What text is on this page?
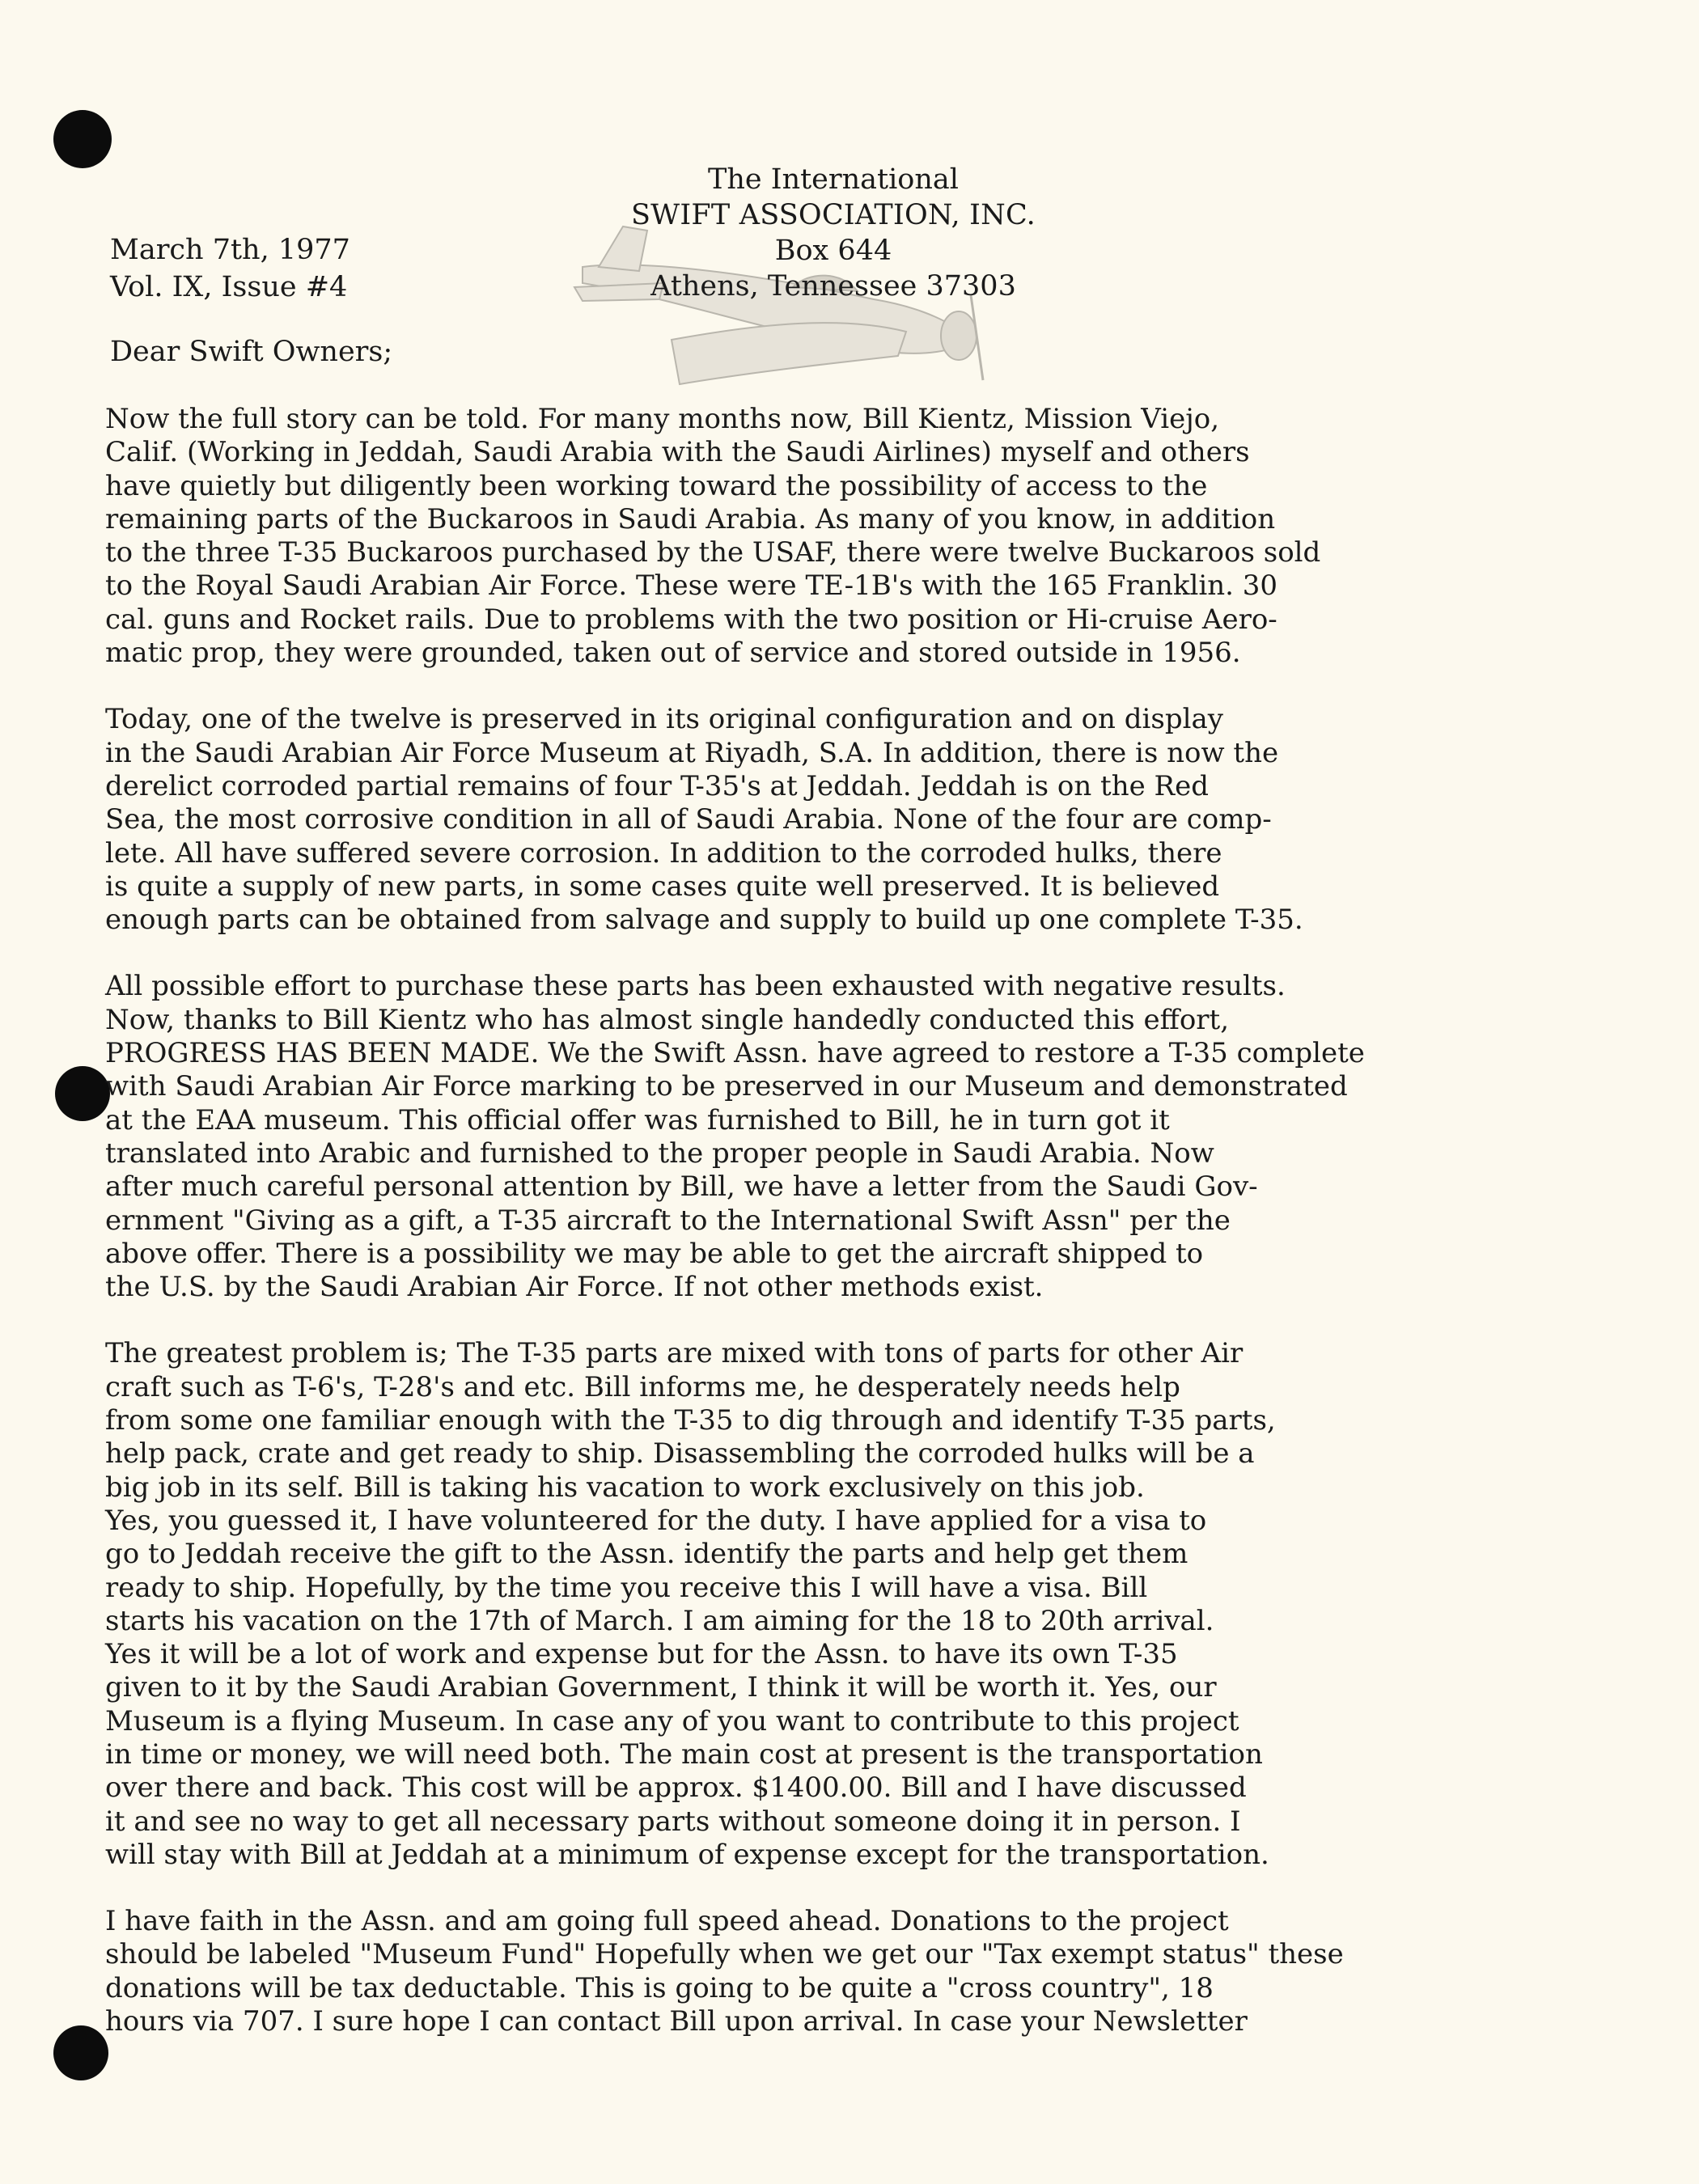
The International
SWIFT ASSOCIATION, INC.
Box 644
Athens, Tennessee 37303
March 7th, 1977
Vol. IX, Issue #4
Dear Swift Owners;
Now the full story can be told. For many months now, Bill Kientz, Mission Viejo,
Calif. (Working in Jeddah, Saudi Arabia with the Saudi Airlines) myself and others
have quietly but diligently been working toward the possibility of access to the
remaining parts of the Buckaroos in Saudi Arabia. As many of you know, in addition
to the three T-35 Buckaroos purchased by the USAF, there were twelve Buckaroos sold
to the Royal Saudi Arabian Air Force. These were TE-1B's with the 165 Franklin. 30
cal. guns and Rocket rails. Due to problems with the two position or Hi-cruise Aero-
matic prop, they were grounded, taken out of service and stored outside in 1956.
Today, one of the twelve is preserved in its original configuration and on display
in the Saudi Arabian Air Force Museum at Riyadh, S.A. In addition, there is now the
derelict corroded partial remains of four T-35's at Jeddah. Jeddah is on the Red
Sea, the most corrosive condition in all of Saudi Arabia. None of the four are comp-
lete. All have suffered severe corrosion. In addition to the corroded hulks, there
is quite a supply of new parts, in some cases quite well preserved. It is believed
enough parts can be obtained from salvage and supply to build up one complete T-35.
All possible effort to purchase these parts has been exhausted with negative results.
Now, thanks to Bill Kientz who has almost single handedly conducted this effort,
PROGRESS HAS BEEN MADE. We the Swift Assn. have agreed to restore a T-35 complete
with Saudi Arabian Air Force marking to be preserved in our Museum and demonstrated
at the EAA museum. This official offer was furnished to Bill, he in turn got it
translated into Arabic and furnished to the proper people in Saudi Arabia. Now
after much careful personal attention by Bill, we have a letter from the Saudi Gov-
ernment "Giving as a gift, a T-35 aircraft to the International Swift Assn" per the
above offer. There is a possibility we may be able to get the aircraft shipped to
the U.S. by the Saudi Arabian Air Force. If not other methods exist.
The greatest problem is; The T-35 parts are mixed with tons of parts for other Air
craft such as T-6's, T-28's and etc. Bill informs me, he desperately needs help
from some one familiar enough with the T-35 to dig through and identify T-35 parts,
help pack, crate and get ready to ship. Disassembling the corroded hulks will be a
big job in its self. Bill is taking his vacation to work exclusively on this job.
Yes, you guessed it, I have volunteered for the duty. I have applied for a visa to
go to Jeddah receive the gift to the Assn. identify the parts and help get them
ready to ship. Hopefully, by the time you receive this I will have a visa. Bill
starts his vacation on the 17th of March. I am aiming for the 18 to 20th arrival.
Yes it will be a lot of work and expense but for the Assn. to have its own T-35
given to it by the Saudi Arabian Government, I think it will be worth it. Yes, our
Museum is a flying Museum. In case any of you want to contribute to this project
in time or money, we will need both. The main cost at present is the transportation
over there and back. This cost will be approx. $1400.00. Bill and I have discussed
it and see no way to get all necessary parts without someone doing it in person. I
will stay with Bill at Jeddah at a minimum of expense except for the transportation.
I have faith in the Assn. and am going full speed ahead. Donations to the project
should be labeled "Museum Fund" Hopefully when we get our "Tax exempt status" these
donations will be tax deductable. This is going to be quite a "cross country", 18
hours via 707. I sure hope I can contact Bill upon arrival. In case your Newsletter
